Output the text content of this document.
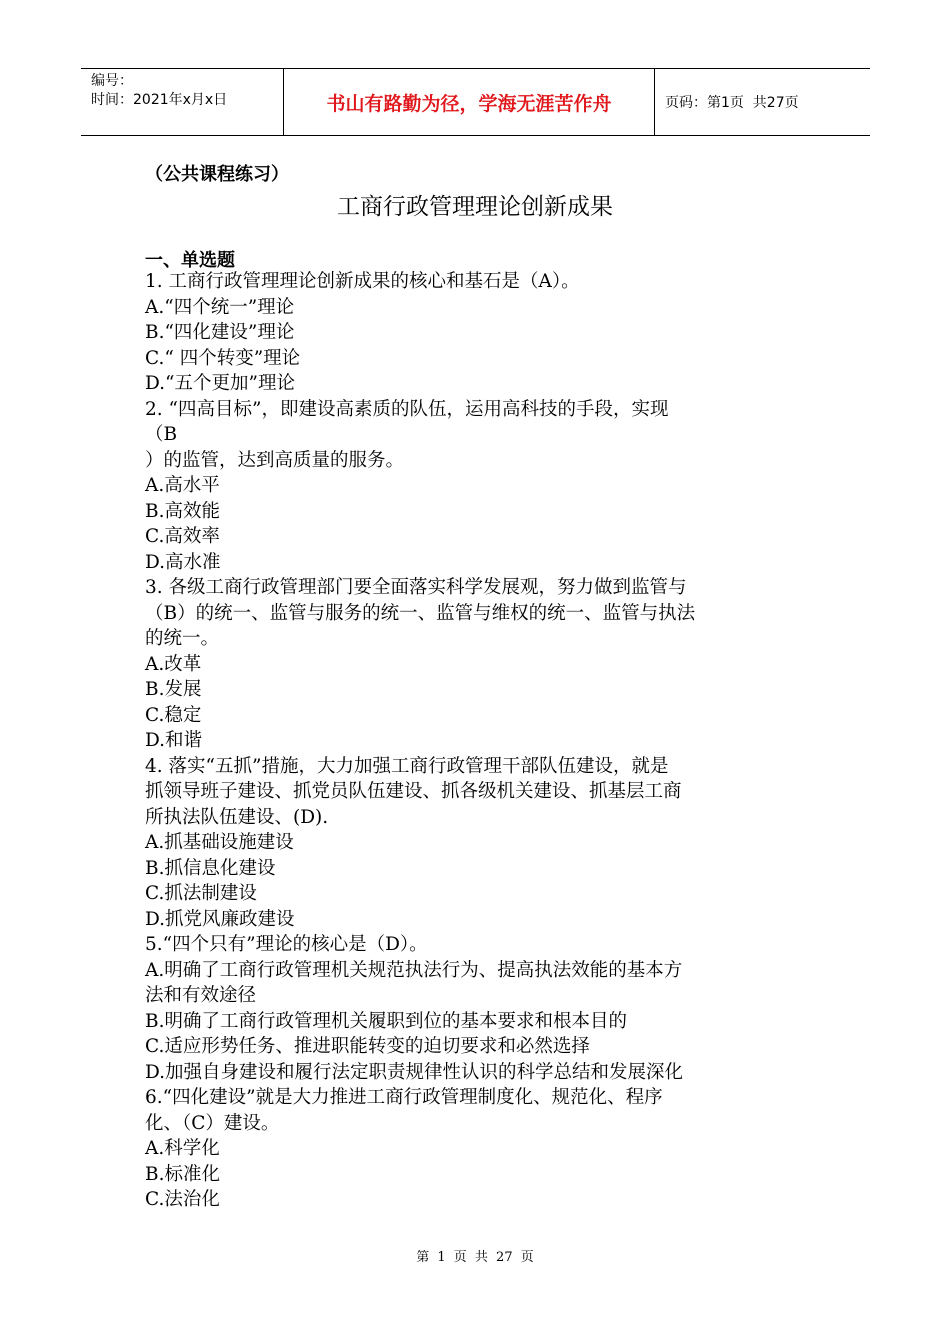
编号：
时间：2021年x月x日	书山有路勤为径，学海无涯苦作舟	页码：第1页  共27页
（公共课程练习）
工商行政管理理论创新成果
一、单选题
1. 工商行政管理理论创新成果的核心和基石是（A）。
A.“四个统一”理论
B.“四化建设”理论
C.“ 四个转变”理论
D.“五个更加”理论
2. “四高目标”，即建设高素质的队伍，运用高科技的手段，实现
（B
）的监管，达到高质量的服务。
A.高水平
B.高效能
C.高效率
D.高水准
3. 各级工商行政管理部门要全面落实科学发展观，努力做到监管与
（B）的统一、监管与服务的统一、监管与维权的统一、监管与执法
的统一。
A.改革
B.发展
C.稳定
D.和谐
4. 落实“五抓”措施，大力加强工商行政管理干部队伍建设，就是
抓领导班子建设、抓党员队伍建设、抓各级机关建设、抓基层工商
所执法队伍建设、(D).
A.抓基础设施建设
B.抓信息化建设
C.抓法制建设
D.抓党风廉政建设
5.“四个只有”理论的核心是（D）。
A.明确了工商行政管理机关规范执法行为、提高执法效能的基本方
法和有效途径
B.明确了工商行政管理机关履职到位的基本要求和根本目的
C.适应形势任务、推进职能转变的迫切要求和必然选择
D.加强自身建设和履行法定职责规律性认识的科学总结和发展深化
6.“四化建设”就是大力推进工商行政管理制度化、规范化、程序
化、（C）建设。
A.科学化
B.标准化
C.法治化
第 1 页 共 27 页
